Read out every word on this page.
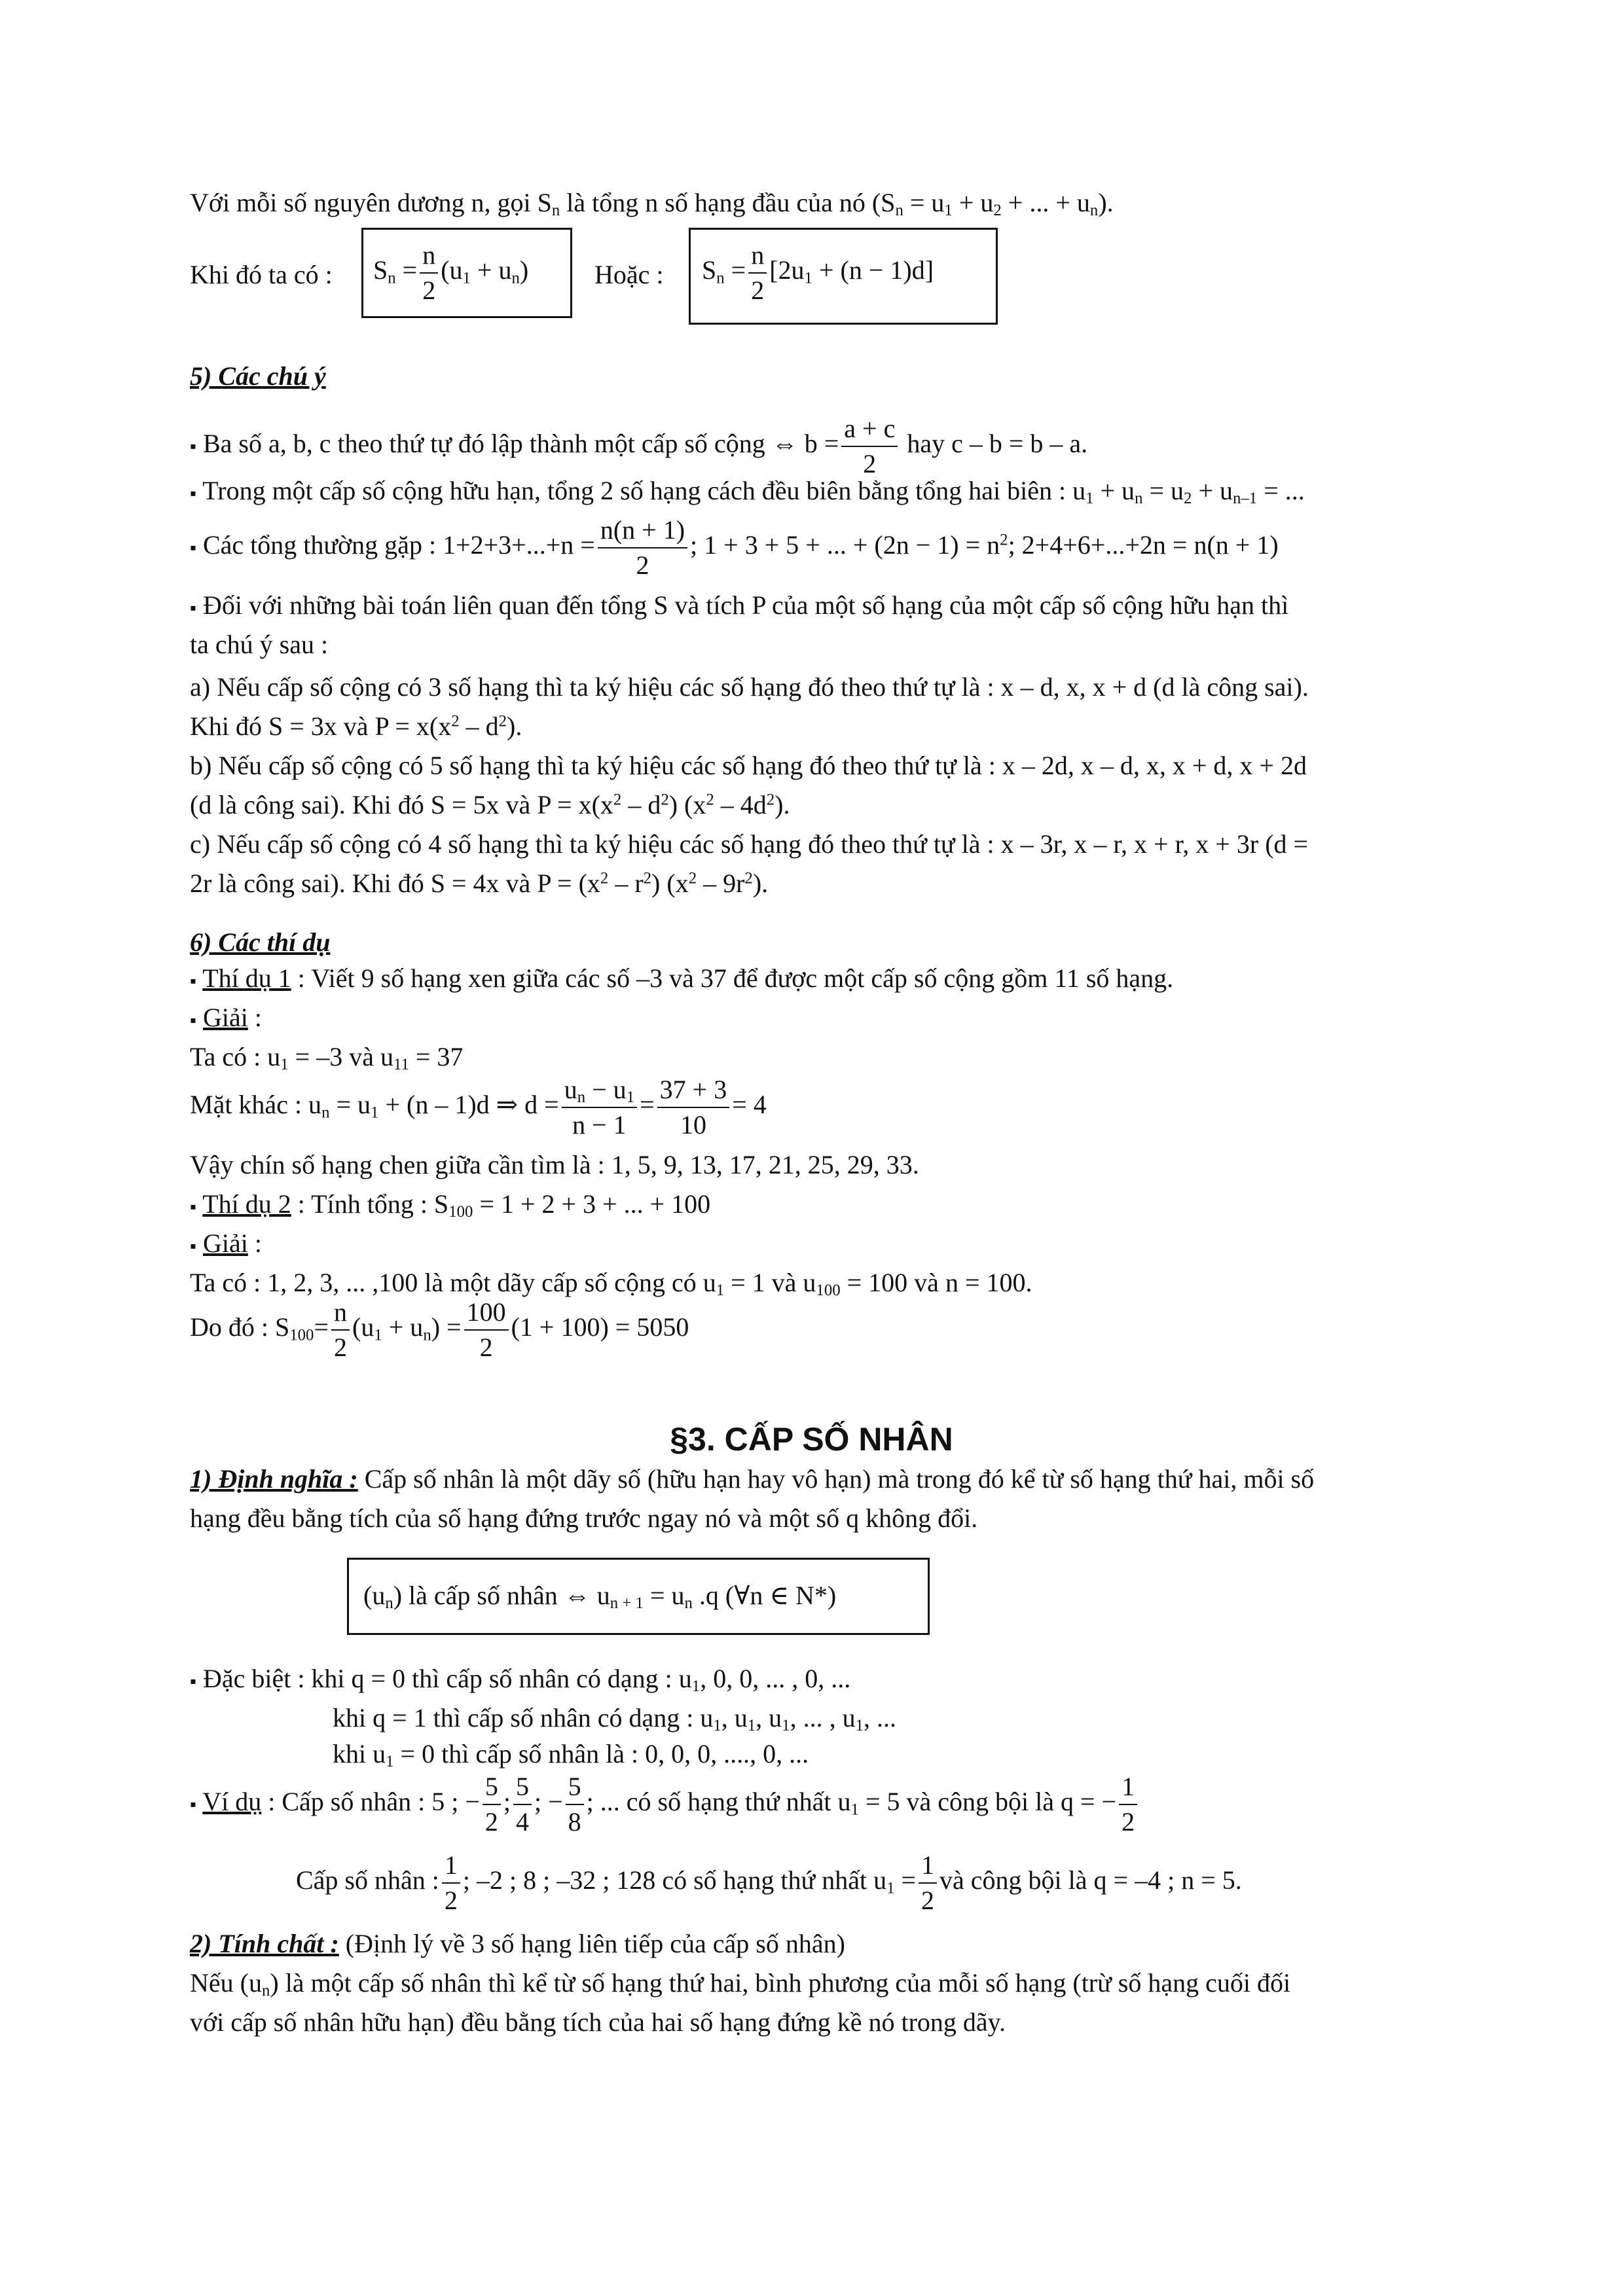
Với mỗi số nguyên dương n, gọi $S_n$ là tổng n số hạng đầu của nó ($S_n = u_1 + u_2$ + ... + $u_n$).
Khi đó ta có : $S_n = \frac{n}{2} (u_1 + u_n)$	Hoặc : $S_n = \frac{n}{2} [2u_1 + (n - 1)d]$
5) Các chú ý
▪ Ba số a, b, c theo thứ tự đó lập thành một cấp số cộng ⇔ $b = \frac{a + c}{2}$ hay c – b = b – a.
▪ Trong một cấp số cộng hữu hạn, tổng 2 số hạng cách đều biên bằng tổng hai biên : $u_1 + u_n = u_2 + u_{n-1}$ = ...
▪ Các tổng thường gặp : $1+2+3+...+n = \frac{n(n + 1)}{2}$ ; 1 + 3 + 5 + ... + $(2n - 1) = n^2$; 2+4+6+...+2n = n(n + 1)
▪ Đối với những bài toán liên quan đến tổng S và tích P của một số hạng của một cấp số cộng hữu hạn thì
ta chú ý sau :
a) Nếu cấp số cộng có 3 số hạng thì ta ký hiệu các số hạng đó theo thứ tự là : x – d, x, x + d (d là công sai).
Khi đó S = 3x và $P = x(x^2 - d^2)$.
b) Nếu cấp số cộng có 5 số hạng thì ta ký hiệu các số hạng đó theo thứ tự là : x – 2d, x – d, x, x + d, x + 2d
(d là công sai). Khi đó S = 5x và $P = x(x^2 - d^2)$ $(x^2 - 4d^2)$.
c) Nếu cấp số cộng có 4 số hạng thì ta ký hiệu các số hạng đó theo thứ tự là : x – 3r, x – r, x + r, x + 3r (d =
2r là công sai). Khi đó S = 4x và $P = (x^2 - r^2)$ $(x^2 - 9r^2)$.
6) Các thí dụ
▪ Thí dụ 1 : Viết 9 số hạng xen giữa các số –3 và 37 để được một cấp số cộng gồm 11 số hạng.
▪ Giải :
Ta có : $u_1 = -3$ và $u_{11} = 37$
Mặt khác : $u_n = u_1 + (n - 1)d$ ⇒ $d = \frac{u_n - u_1}{n - 1} = \frac{37 + 3}{10} = 4$
Vậy chín số hạng chen giữa cần tìm là : 1, 5, 9, 13, 17, 21, 25, 29, 33.
▪ Thí dụ 2 : Tính tổng : $S_{100} = 1 + 2 + 3$ + ... + 100
▪ Giải :
Ta có : 1, 2, 3, ... ,100 là một dãy cấp số cộng có $u_1 = 1$ và $u_{100} = 100$ và n = 100.
Do đó : $S_{100}= \frac{n}{2} (u_1 + u_n) = \frac{100}{2} (1 + 100) = 5050$
§3. CẤP SỐ NHÂN
1) Định nghĩa : Cấp số nhân là một dãy số (hữu hạn hay vô hạn) mà trong đó kể từ số hạng thứ hai, mỗi số
hạng đều bằng tích của số hạng đứng trước ngay nó và một số q không đổi.
$(u_n)$ là cấp số nhân ⇔ $u_{n + 1} = u_n$ .q (∀n ∈ N*)
▪ Đặc biệt : khi q = 0 thì cấp số nhân có dạng : $u_1$, 0, 0, ... , 0, ...
khi q = 1 thì cấp số nhân có dạng : $u_1$, $u_1$, $u_1$, ... , $u_1$, ...
khi $u_1 = 0$ thì cấp số nhân là : 0, 0, 0, ...., 0, ...
▪ Ví dụ : Cấp số nhân : 5 ; − $\frac{5}{2}$ ; $\frac{5}{4}$ ; − $\frac{5}{8}$ ; ... có số hạng thứ nhất $u_1 = 5$ và công bội là q = − $\frac{1}{2}$
Cấp số nhân : $\frac{1}{2}$ ; –2 ; 8 ; –32 ; 128 có số hạng thứ nhất $u_1 = \frac{1}{2}$ và công bội là q = –4 ; n = 5.
2) Tính chất : (Định lý về 3 số hạng liên tiếp của cấp số nhân)
Nếu $(u_n)$ là một cấp số nhân thì kể từ số hạng thứ hai, bình phương của mỗi số hạng (trừ số hạng cuối đối
với cấp số nhân hữu hạn) đều bằng tích của hai số hạng đứng kề nó trong dãy.
